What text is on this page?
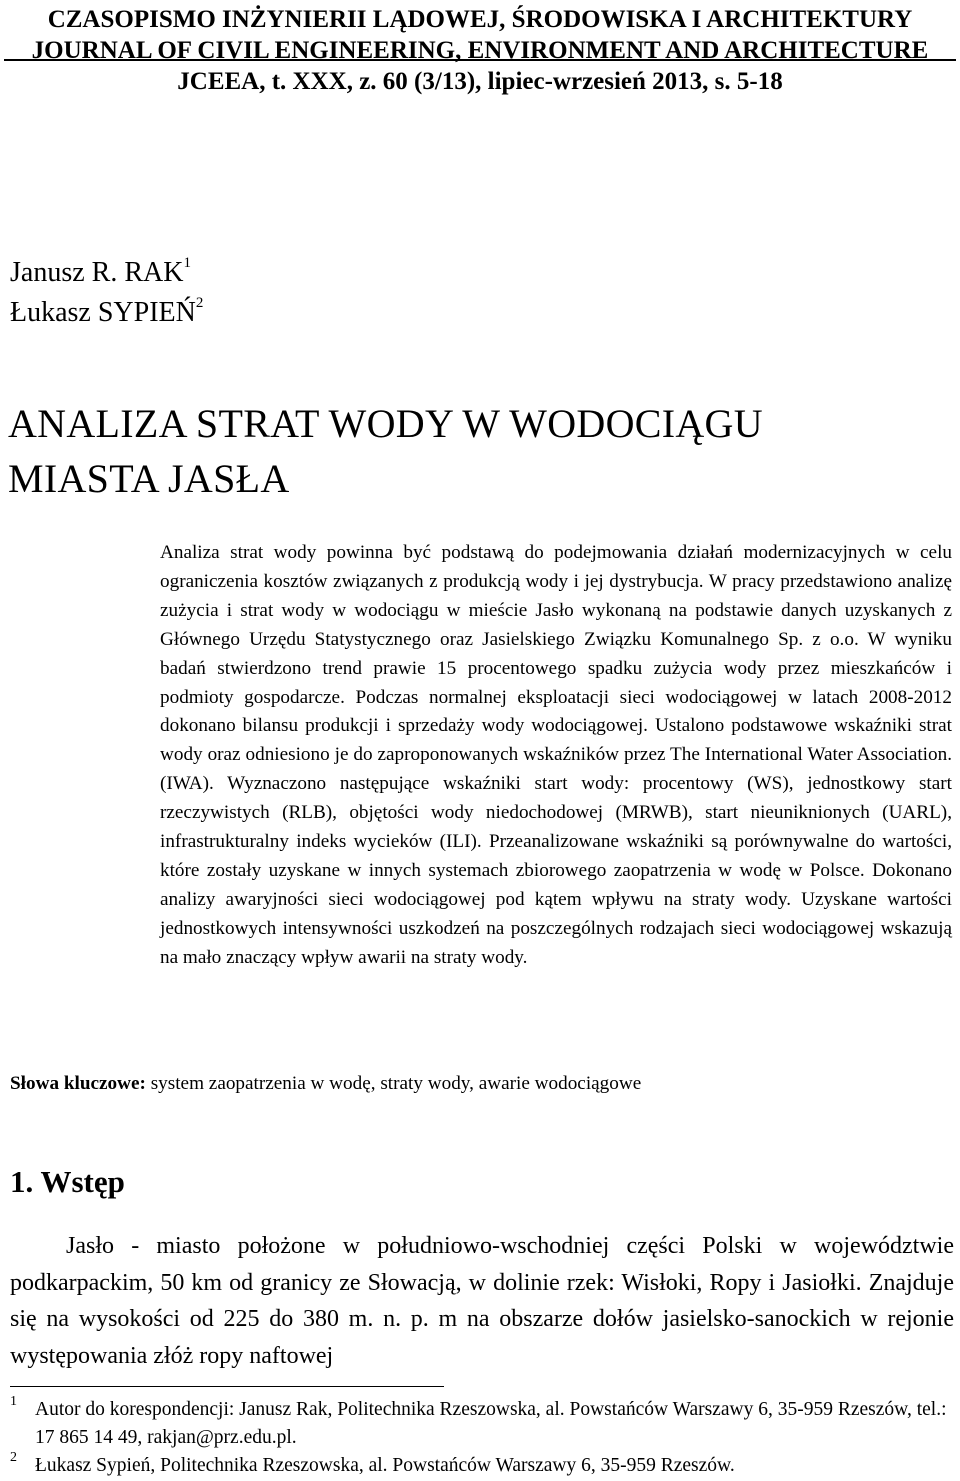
CZASOPISMO INŻYNIERII LĄDOWEJ, ŚRODOWISKA I ARCHITEKTURY
JOURNAL OF CIVIL ENGINEERING, ENVIRONMENT AND ARCHITECTURE
JCEEA, t. XXX, z. 60 (3/13), lipiec-wrzesień 2013, s. 5-18
Janusz R. RAK$^1$
Łukasz SYPIEŃ$^2$
ANALIZA STRAT WODY W WODOCIĄGU
MIASTA JASŁA

Analiza strat wody powinna być podstawą do podejmowania działań modernizacyjnych w celu ograniczenia kosztów związanych z produkcją wody i jej dystrybucja. W pracy przedstawiono analizę zużycia i strat wody w wodociągu w mieście Jasło wykonaną na podstawie danych uzyskanych z Głównego Urzędu Statystycznego oraz Jasielskiego Związku Komunalnego Sp. z o.o. W wyniku badań stwierdzono trend prawie 15 procentowego spadku zużycia wody przez mieszkańców i podmioty gospodarcze. Podczas normalnej eksploatacji sieci wodociągowej w latach 2008-2012 dokonano bilansu produkcji i sprzedaży wody wodociągowej. Ustalono podstawowe wskaźniki strat wody oraz odniesiono je do zaproponowanych wskaźników przez The International Water Association. (IWA). Wyznaczono następujące wskaźniki start wody: procentowy (WS), jednostkowy start rzeczywistych (RLB), objętości wody niedochodowej (MRWB), start nieuniknionych (UARL), infrastrukturalny indeks wycieków (ILI). Przeanalizowane wskaźniki są porównywalne do wartości, które zostały uzyskane w innych systemach zbiorowego zaopatrzenia w wodę w Polsce. Dokonano analizy awaryjności sieci wodociągowej pod kątem wpływu na straty wody. Uzyskane wartości jednostkowych intensywności uszkodzeń na poszczególnych rodzajach sieci wodociągowej wskazują na mało znaczący wpływ awarii na straty wody.

Słowa kluczowe: system zaopatrzenia w wodę, straty wody, awarie wodociągowe
1. Wstęp

Jasło - miasto położone w południowo-wschodniej części Polski w województwie podkarpackim, 50 km od granicy ze Słowacją, w dolinie rzek: Wisłoki, Ropy i Jasiołki. Znajduje się na wysokości od 225 do 380 m. n. p. m na obszarze dołów jasielsko-sanockich w rejonie występowania złóż ropy naftowej

1 Autor do korespondencji: Janusz Rak, Politechnika Rzeszowska, al. Powstańców Warszawy 6, 35-959 Rzeszów, tel.: 17 865 14 49, rakjan@prz.edu.pl.
2 Łukasz Sypień, Politechnika Rzeszowska, al. Powstańców Warszawy 6, 35-959 Rzeszów.
